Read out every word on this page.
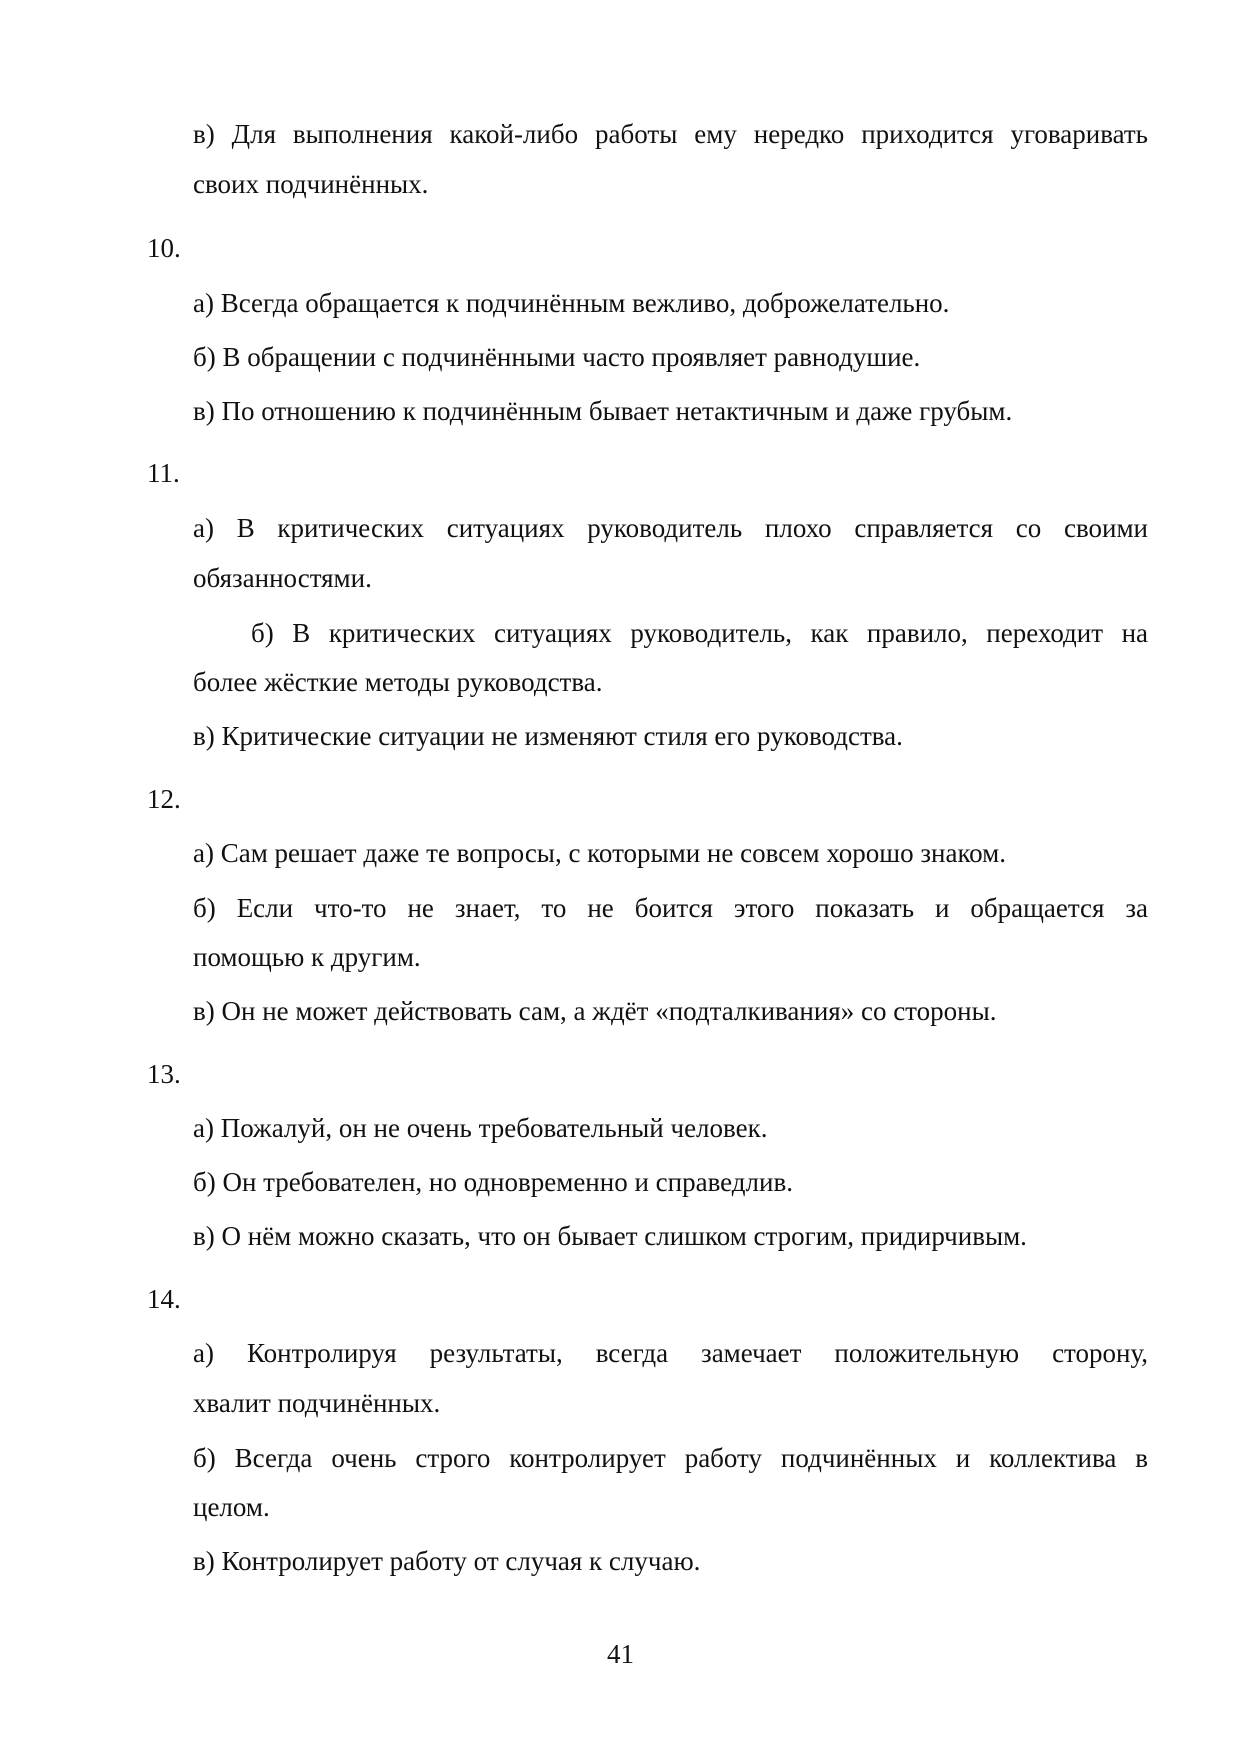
в) Для выполнения какой-либо работы ему нередко приходится уговаривать
своих подчинённых.
10.
а) Всегда обращается к подчинённым вежливо, доброжелательно.
б) В обращении с подчинёнными часто проявляет равнодушие.
в) По отношению к подчинённым бывает нетактичным и даже грубым.
11.
а) В критических ситуациях руководитель плохо справляется со своими
обязанностями.
б) В критических ситуациях руководитель, как правило, переходит на
более жёсткие методы руководства.
в) Критические ситуации не изменяют стиля его руководства.
12.
а) Сам решает даже те вопросы, с которыми не совсем хорошо знаком.
б) Если что-то не знает, то не боится этого показать и обращается за
помощью к другим.
в) Он не может действовать сам, а ждёт «подталкивания» со стороны.
13.
а) Пожалуй, он не очень требовательный человек.
б) Он требователен, но одновременно и справедлив.
в) О нём можно сказать, что он бывает слишком строгим, придирчивым.
14.
а) Контролируя результаты, всегда замечает положительную сторону,
хвалит подчинённых.
б) Всегда очень строго контролирует работу подчинённых и коллектива в
целом.
в) Контролирует работу от случая к случаю.
41
